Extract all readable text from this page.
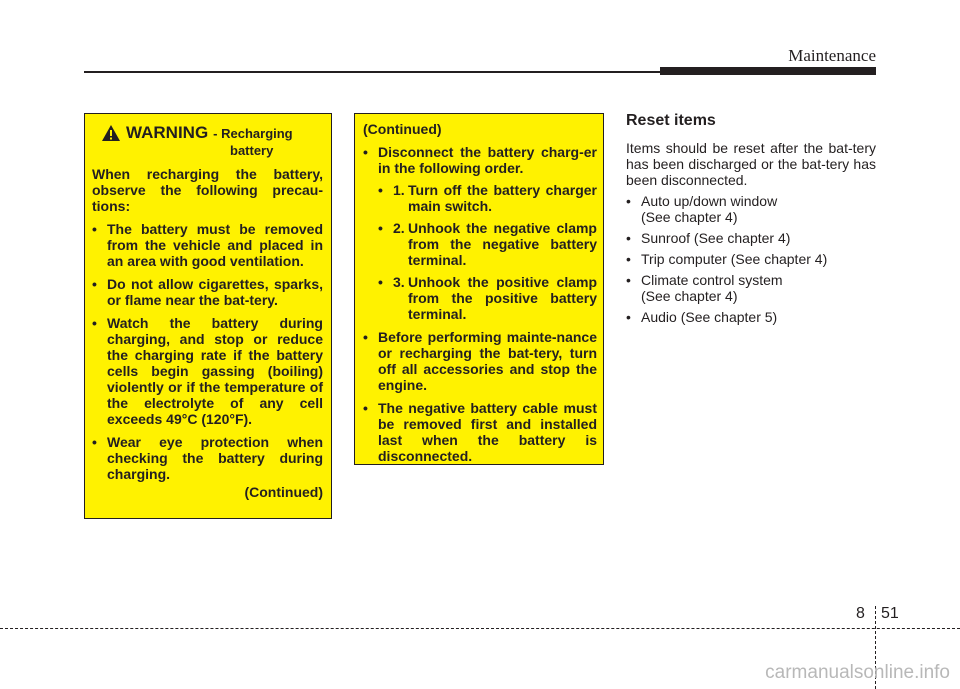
Maintenance
WARNING - Recharging
battery
When recharging the battery, observe the following precau-tions:
• The battery must be removed from the vehicle and placed in an area with good ventilation.
• Do not allow cigarettes, sparks, or flame near the bat-tery.
• Watch the battery during charging, and stop or reduce the charging rate if the battery cells begin gassing (boiling) violently or if the temperature of the electrolyte of any cell exceeds 49°C (120°F).
• Wear eye protection when checking the battery during charging.
(Continued)
(Continued)
• Disconnect the battery charg-er in the following order.
• 1. Turn off the battery charger main switch.
• 2. Unhook the negative clamp from the negative battery terminal.
• 3. Unhook the positive clamp from the positive battery terminal.
• Before performing mainte-nance or recharging the bat-tery, turn off all accessories and stop the engine.
• The negative battery cable must be removed first and installed last when the battery is disconnected.
Reset items
Items should be reset after the bat-tery has been discharged or the bat-tery has been disconnected.
• Auto up/down window
(See chapter 4)
• Sunroof (See chapter 4)
• Trip computer (See chapter 4)
• Climate control system
(See chapter 4)
• Audio (See chapter 5)
8 51
carmanualsonline.info
